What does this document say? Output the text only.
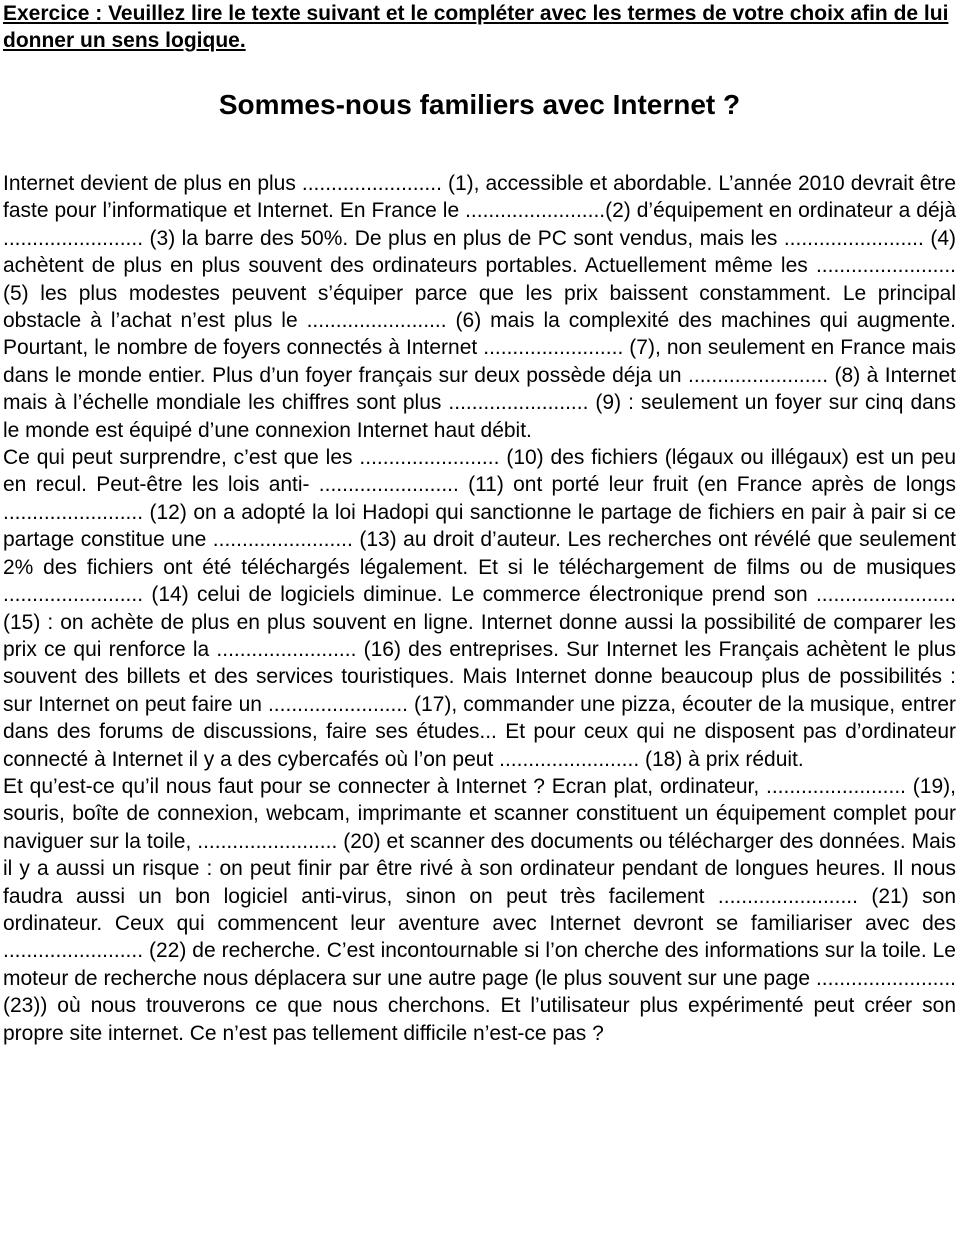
Exercice : Veuillez lire le texte suivant et le compléter avec les termes de votre choix afin de lui donner un sens logique.

Sommes-nous familiers avec Internet ?

Internet devient de plus en plus ........................ (1), accessible et abordable. L’année 2010 devrait être faste pour l’informatique et Internet. En France le ........................(2) d’équipement en ordinateur a déjà ........................ (3) la barre des 50%. De plus en plus de PC sont vendus, mais les ........................ (4) achètent de plus en plus souvent des ordinateurs portables. Actuellement même les ........................ (5) les plus modestes peuvent s’équiper parce que les prix baissent constamment. Le principal obstacle à l’achat n’est plus le ........................ (6) mais la complexité des machines qui augmente. Pourtant, le nombre de foyers connectés à Internet ........................ (7), non seulement en France mais dans le monde entier. Plus d’un foyer français sur deux possède déja un ........................ (8) à Internet mais à l’échelle mondiale les chiffres sont plus ........................ (9) : seulement un foyer sur cinq dans le monde est équipé d’une connexion Internet haut débit.

Ce qui peut surprendre, c’est que les ........................ (10) des fichiers (légaux ou illégaux) est un peu en recul. Peut-être les lois anti- ........................ (11) ont porté leur fruit (en France après de longs ........................ (12) on a adopté la loi Hadopi qui sanctionne le partage de fichiers en pair à pair si ce partage constitue une ........................ (13) au droit d’auteur. Les recherches ont révélé que seulement 2% des fichiers ont été téléchargés légalement. Et si le téléchargement de films ou de musiques ........................ (14) celui de logiciels diminue. Le commerce électronique prend son ........................ (15) : on achète de plus en plus souvent en ligne. Internet donne aussi la possibilité de comparer les prix ce qui renforce la ........................ (16) des entreprises. Sur Internet les Français achètent le plus souvent des billets et des services touristiques. Mais Internet donne beaucoup plus de possibilités : sur Internet on peut faire un ........................ (17), commander une pizza, écouter de la musique, entrer dans des forums de discussions, faire ses études... Et pour ceux qui ne disposent pas d’ordinateur connecté à Internet il y a des cybercafés où l’on peut ........................ (18) à prix réduit.

Et qu’est-ce qu’il nous faut pour se connecter à Internet ? Ecran plat, ordinateur, ........................ (19), souris, boîte de connexion, webcam, imprimante et scanner constituent un équipement complet pour naviguer sur la toile, ........................ (20) et scanner des documents ou télécharger des données. Mais il y a aussi un risque : on peut finir par être rivé à son ordinateur pendant de longues heures. Il nous faudra aussi un bon logiciel anti-virus, sinon on peut très facilement ........................ (21) son ordinateur. Ceux qui commencent leur aventure avec Internet devront se familiariser avec des ........................ (22) de recherche. C’est incontournable si l’on cherche des informations sur la toile. Le moteur de recherche nous déplacera sur une autre page (le plus souvent sur une page ........................ (23)) où nous trouverons ce que nous cherchons. Et l’utilisateur plus expérimenté peut créer son propre site internet. Ce n’est pas tellement difficile n’est-ce pas ?
